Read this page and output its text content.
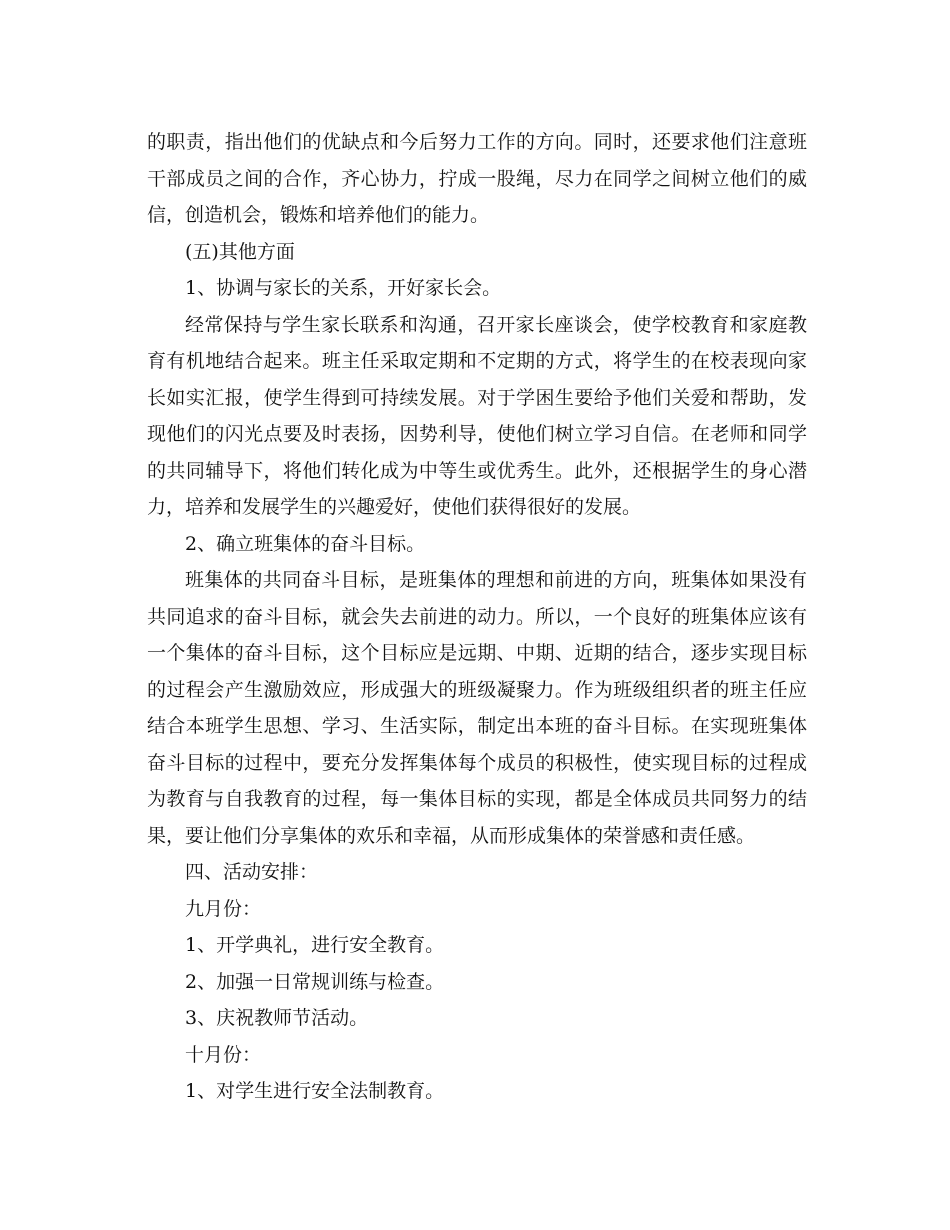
的职责，指出他们的优缺点和今后努力工作的方向。同时，还要求他们注意班干部成员之间的合作，齐心协力，拧成一股绳，尽力在同学之间树立他们的威信，创造机会，锻炼和培养他们的能力。

(五)其他方面

1、协调与家长的关系，开好家长会。

经常保持与学生家长联系和沟通，召开家长座谈会，使学校教育和家庭教育有机地结合起来。班主任采取定期和不定期的方式，将学生的在校表现向家长如实汇报，使学生得到可持续发展。对于学困生要给予他们关爱和帮助，发现他们的闪光点要及时表扬，因势利导，使他们树立学习自信。在老师和同学的共同辅导下，将他们转化成为中等生或优秀生。此外，还根据学生的身心潜力，培养和发展学生的兴趣爱好，使他们获得很好的发展。

2、确立班集体的奋斗目标。

班集体的共同奋斗目标，是班集体的理想和前进的方向，班集体如果没有共同追求的奋斗目标，就会失去前进的动力。所以，一个良好的班集体应该有一个集体的奋斗目标，这个目标应是远期、中期、近期的结合，逐步实现目标的过程会产生激励效应，形成强大的班级凝聚力。作为班级组织者的班主任应结合本班学生思想、学习、生活实际，制定出本班的奋斗目标。在实现班集体奋斗目标的过程中，要充分发挥集体每个成员的积极性，使实现目标的过程成为教育与自我教育的过程，每一集体目标的实现，都是全体成员共同努力的结果，要让他们分享集体的欢乐和幸福，从而形成集体的荣誉感和责任感。

四、活动安排：

九月份：

1、开学典礼，进行安全教育。

2、加强一日常规训练与检查。

3、庆祝教师节活动。

十月份：

1、对学生进行安全法制教育。
